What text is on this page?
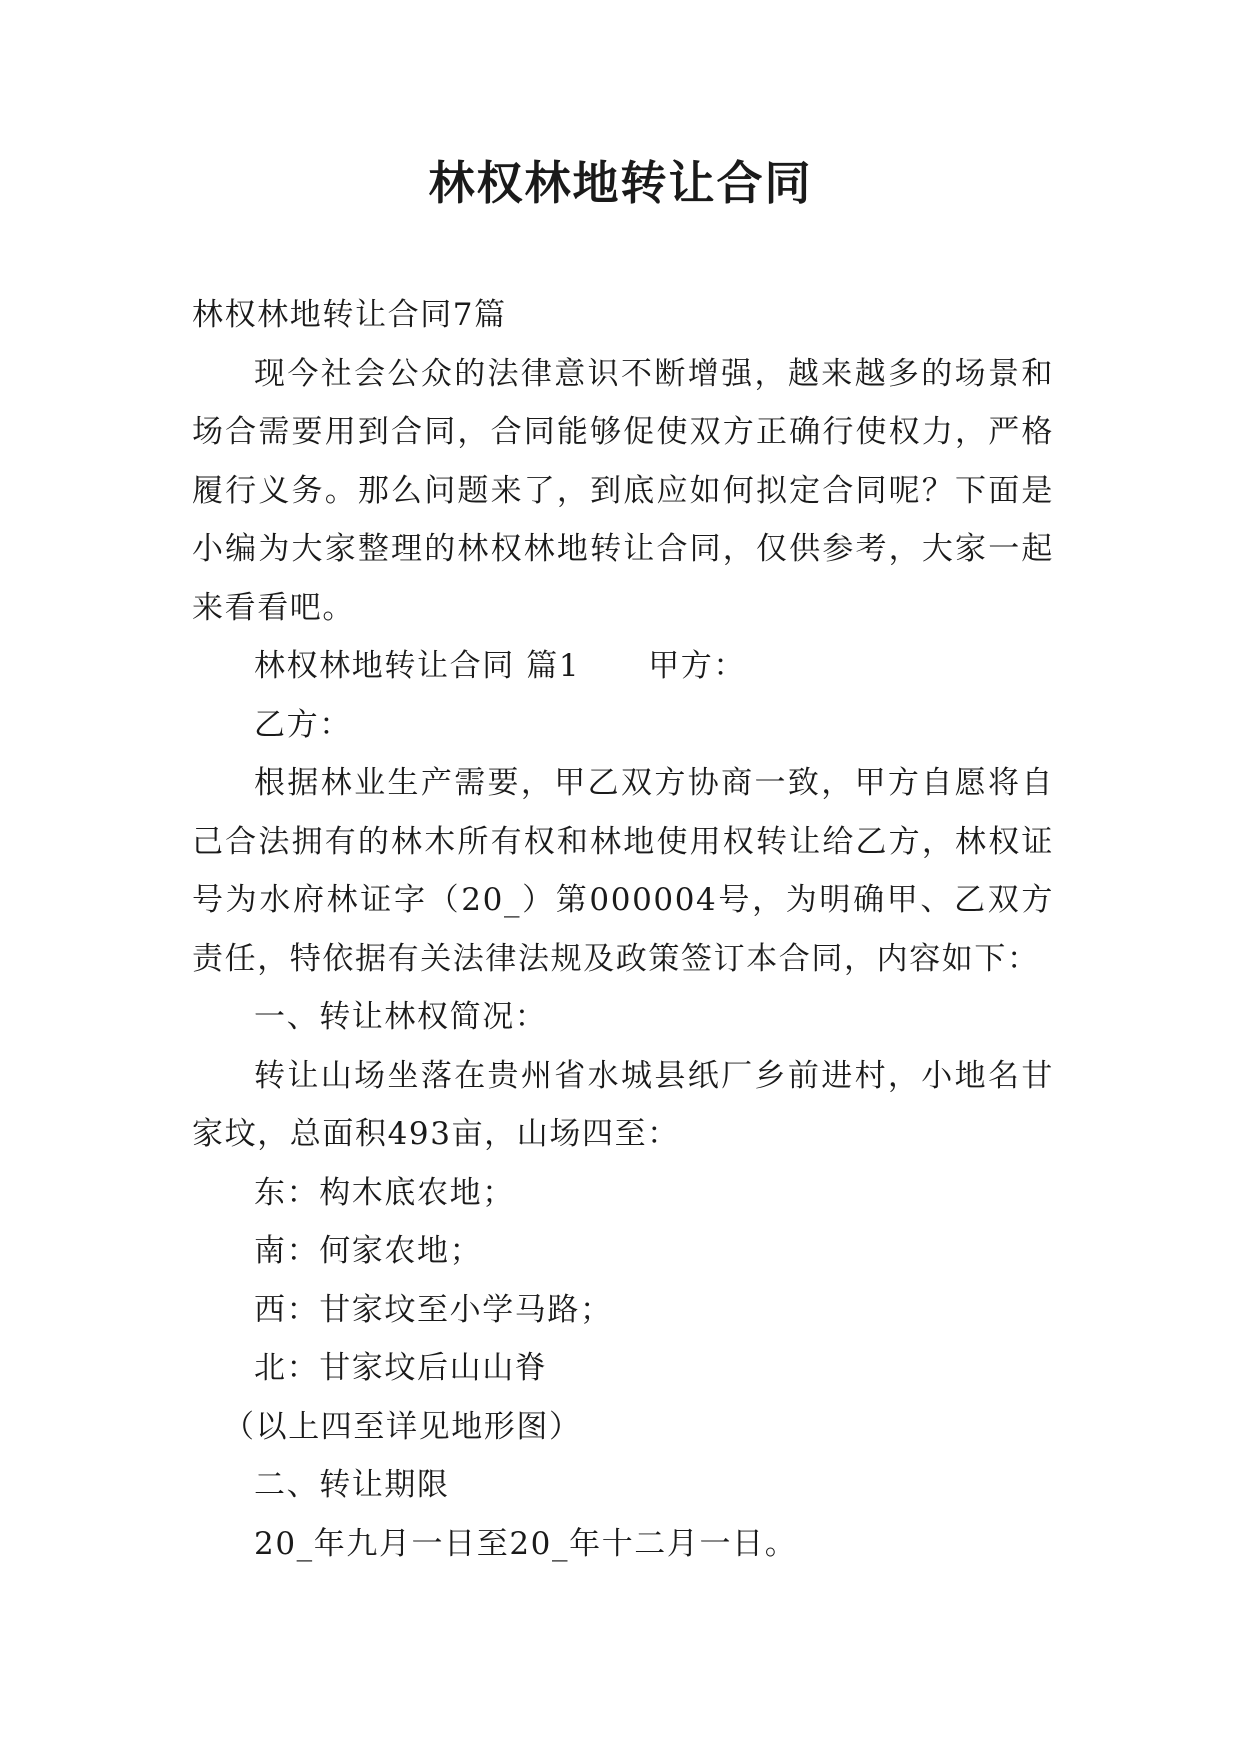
林权林地转让合同

林权林地转让合同7篇

现今社会公众的法律意识不断增强，越来越多的场景和场合需要用到合同，合同能够促使双方正确行使权力，严格履行义务。那么问题来了，到底应如何拟定合同呢？下面是小编为大家整理的林权林地转让合同，仅供参考，大家一起来看看吧。

林权林地转让合同 篇1 甲方：

乙方：

根据林业生产需要，甲乙双方协商一致，甲方自愿将自己合法拥有的林木所有权和林地使用权转让给乙方，林权证号为水府林证字（20_）第000004号，为明确甲、乙双方责任，特依据有关法律法规及政策签订本合同，内容如下：

一、转让林权简况：

转让山场坐落在贵州省水城县纸厂乡前进村，小地名甘家坟，总面积493亩，山场四至：

东：构木底农地；

南：何家农地；

西：甘家坟至小学马路；

北：甘家坟后山山脊

（以上四至详见地形图）

二、转让期限

20_年九月一日至20_年十二月一日。
